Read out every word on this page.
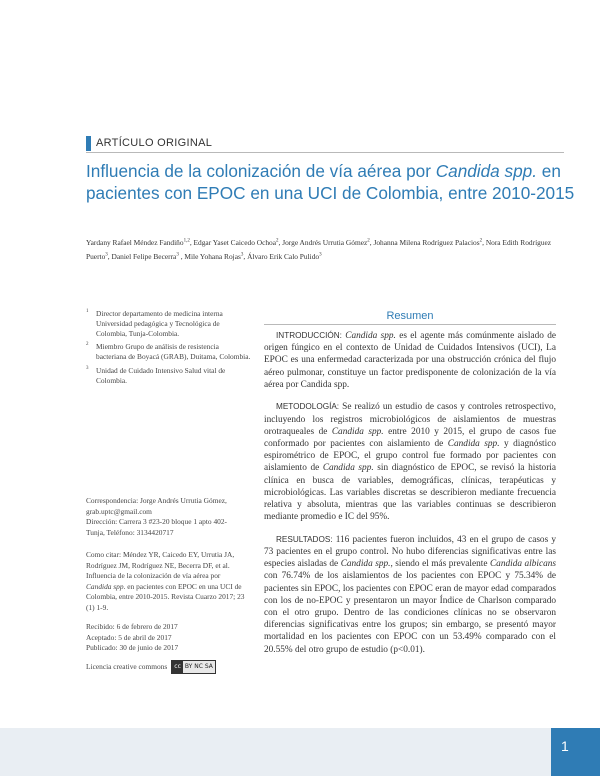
ARTÍCULO ORIGINAL
Influencia de la colonización de vía aérea por Candida spp. en pacientes con EPOC en una UCI de Colombia, entre 2010-2015
Yardany Rafael Méndez Fandiño$^{1,2}$, Edgar Yaset Caicedo Ochoa$^2$, Jorge Andrés Urrutia Gómez$^2$, Johanna Milena Rodríguez Palacios$^2$, Nora Edith Rodríguez Puerto$^3$, Daniel Felipe Becerra$^3$ , Mile Yohana Rojas$^3$, Álvaro Erik Calo Pulido$^3$
1 Director departamento de medicina interna Universidad pedagógica y Tecnológica de Colombia, Tunja-Colombia.
2 Miembro Grupo de análisis de resistencia bacteriana de Boyacá (GRAB), Duitama, Colombia.
3 Unidad de Cuidado Intensivo Salud vital de Colombia.

Correspondencia: Jorge Andrés Urrutia Gómez, grab.uptc@gmail.com

Dirección: Carrera 3 #23-20 bloque 1 apto 402- Tunja, Teléfono: 3134420717

Como citar: Méndez YR, Caicedo EY, Urrutia JA, Rodríguez JM, Rodríguez NE, Becerra DF, et al. Influencia de la colonización de vía aérea por Candida spp. en pacientes con EPOC en una UCI de Colombia, entre 2010-2015. Revista Cuarzo 2017; 23 (1) 1-9.

Recibido: 6 de febrero de 2017

Aceptado: 5 de abril de 2017

Publicado: 30 de junio de 2017

Licencia creative commons	cc BY NC SA
Resumen

INTRODUCCIÓN: Candida spp. es el agente más comúnmente aislado de origen fúngico en el contexto de Unidad de Cuidados Intensivos (UCI), La EPOC es una enfermedad caracterizada por una obstrucción crónica del flujo aéreo pulmonar, constituye un factor predisponente de colonización de la vía aérea por Candida spp.

METODOLOGÍA: Se realizó un estudio de casos y controles retrospectivo, incluyendo los registros microbiológicos de aislamientos de muestras orotraqueales de Candida spp. entre 2010 y 2015, el grupo de casos fue conformado por pacientes con aislamiento de Candida spp. y diagnóstico espirométrico de EPOC, el grupo control fue formado por pacientes con aislamiento de Candida spp. sin diagnóstico de EPOC, se revisó la historia clínica en busca de variables, demográficas, clínicas, terapéuticas y microbiológicas. Las variables discretas se describieron mediante frecuencia relativa y absoluta, mientras que las variables continuas se describieron mediante promedio e IC del 95%.

RESULTADOS: 116 pacientes fueron incluidos, 43 en el grupo de casos y 73 pacientes en el grupo control. No hubo diferencias significativas entre las especies aisladas de Candida spp., siendo el más prevalente Candida albicans con 76.74% de los aislamientos de los pacientes con EPOC y 75.34% de pacientes sin EPOC, los pacientes con EPOC eran de mayor edad comparados con los de no-EPOC y presentaron un mayor Índice de Charlson comparado con el otro grupo. Dentro de las condiciones clínicas no se observaron diferencias significativas entre los grupos; sin embargo, se presentó mayor mortalidad en los pacientes con EPOC con un 53.49% comparado con el 20.55% del otro grupo de estudio (p<0.01).

1
